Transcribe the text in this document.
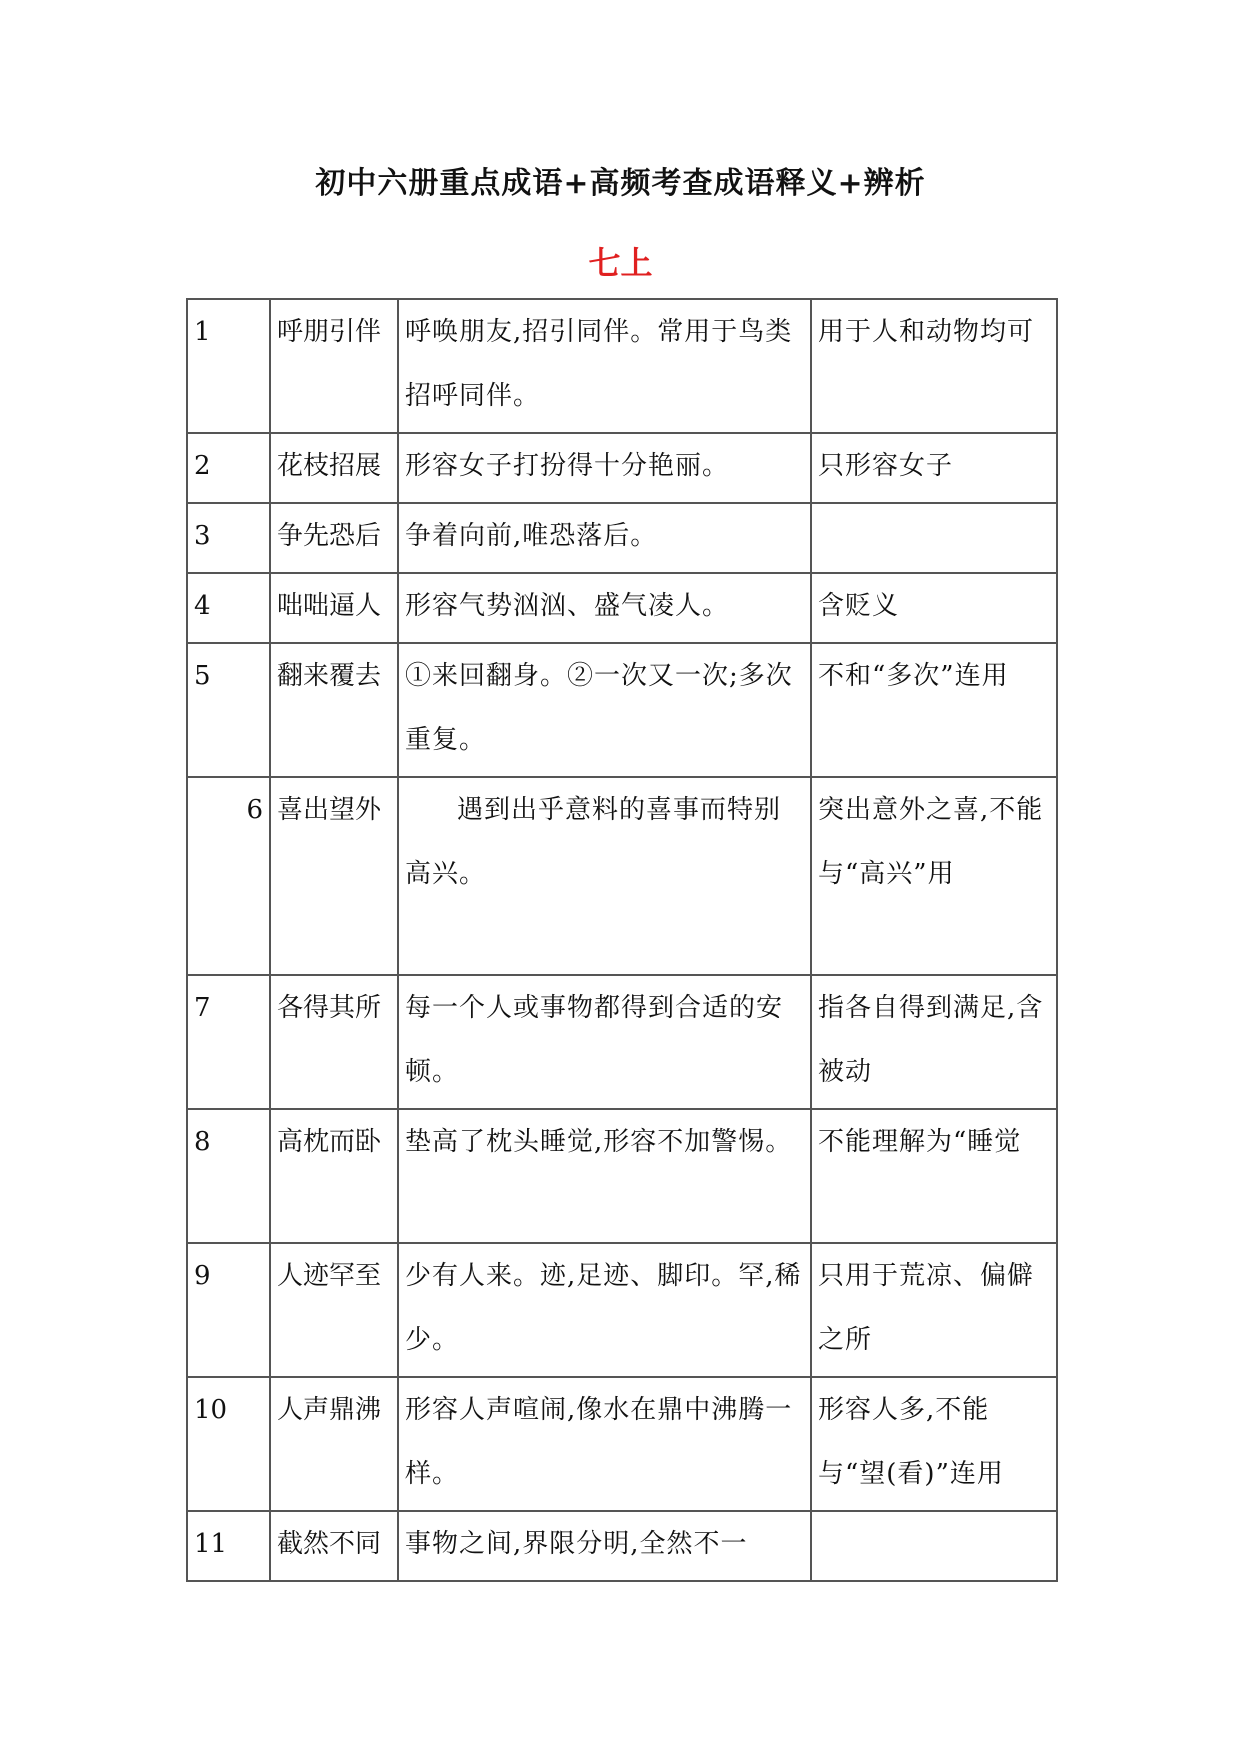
初中六册重点成语+高频考查成语释义+辨析
七上
1	呼朋引伴	呼唤朋友,招引同伴。常用于鸟类招呼同伴。	用于人和动物均可
2	花枝招展	形容女子打扮得十分艳丽。	只形容女子
3	争先恐后	争着向前,唯恐落后。	
4	咄咄逼人	形容气势汹汹、盛气凌人。	含贬义
5	翻来覆去	①来回翻身。②一次又一次;多次重复。	不和“多次”连用
6	喜出望外	遇到出乎意料的喜事而特别高兴。	突出意外之喜,不能与“高兴”用
7	各得其所	每一个人或事物都得到合适的安顿。	指各自得到满足,含被动
8	高枕而卧	垫高了枕头睡觉,形容不加警惕。	不能理解为“睡觉
9	人迹罕至	少有人来。迹,足迹、脚印。罕,稀少。	只用于荒凉、偏僻之所
10	人声鼎沸	形容人声喧闹,像水在鼎中沸腾一样。	形容人多,不能与“望(看)”连用
11	截然不同	事物之间,界限分明,全然不一	
